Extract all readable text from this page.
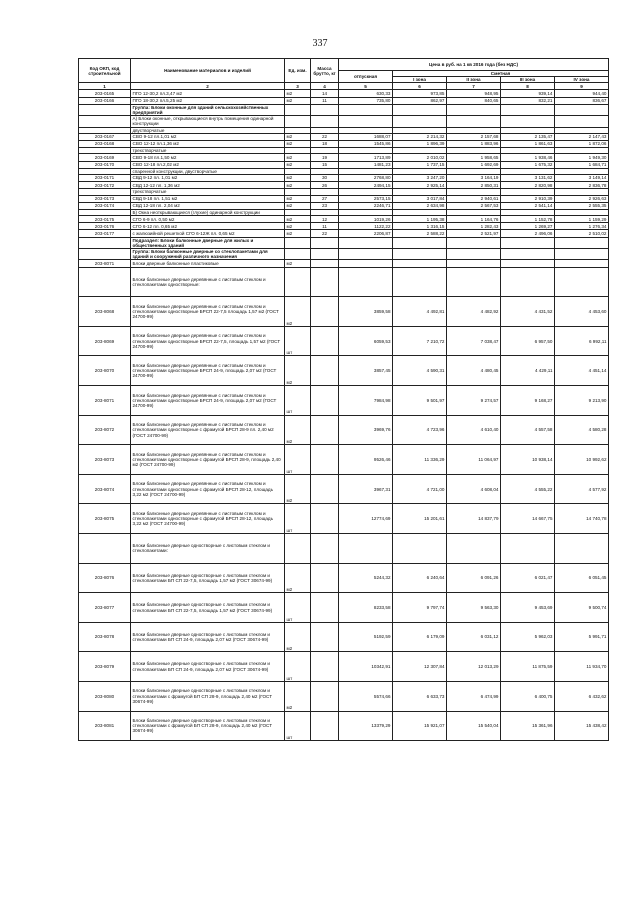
337
Код ОКП, код строительной	Наименование материалов и изделий	Ед. изм.	Масса брутто, кг	Цена в руб. на 1 кв 2016 года (без НДС)				
				отпускная	Сметная			
					I зона	II зона	III зона	IV зона
1	2	3	4	5	6	7	8	9
203-0165	ПГО 12-30,2 пл.3,47 м2	м2	14	630,33	973,85	948,95	939,14	944,40
203-0166	ПГО 18-30,2 пл.5,25 м2	м2	11	735,80	862,97	840,65	832,21	836,67
	Группа: Блоки оконные для зданий сельскохозяйственных предприятий							
	А) Блоки оконные, открывающиеся внутрь помещения одинарной конструкции							
	двустворчатые							
203-0167	СВО 9-12 пл.1,01 м2	м2	22	1688,07	2 214,32	2 157,68	2 135,47	2 147,43
203-0168	СВО 12-12 пл.1,36 м2	м2	18	1545,86	1 896,39	1 883,96	1 861,63	1 872,06
	трехстворчатые							
203-0169	СВО 9-18 пл.1,50 м2	м2	19	1713,89	2 010,02	1 958,65	1 938,46	1 949,30
203-0170	СВО 12-18 пл.2,02 м2	м2	15	1481,23	1 737,15	1 692,69	1 675,32	1 684,71
	спаренной конструкции, двустворчатые							
203-0171	СВД 9-12 пл. 1,01 м2	м2	30	2768,80	3 247,20	3 164,19	3 131,62	3 149,14
203-0172	СВД 12-12 пл. 1,36 м2	м2	26	2494,15	2 925,14	2 850,31	2 820,98	2 836,78
	трехстворчатые							
203-0173	СВД 9-18 пл. 1,51 м2	м2	27	2573,15	3 017,84	2 940,61	2 910,39	2 926,63
203-0174	СВД 12-18 пл. 2,04 м2	м2	23	2246,71	2 634,98	2 567,53	2 541,14	2 555,35
	Б) Окна неоткрывающиеся (глухие) одинарной конструкции							
203-0175	СГО 6-9 пл. 0,50 м2	м2	12	1019,26	1 195,38	1 164,76	1 152,78	1 159,29
203-0176	СГО 6-12 пл. 0,65 м2	м2	11	1122,22	1 316,15	1 282,43	1 269,27	1 276,34
203-0177	с жалюзийной решеткой СГО 6-12Ж пл. 0,65 м2	м2	22	2206,87	2 588,22	2 521,97	2 496,06	2 510,02
	Подраздел: Блоки балконные дверные для жилых и общественных зданий							
	Группа: Блоки балконные дверные со стеклопакетами для зданий и сооружений различного назначения							
203-8071	Блоки дверные балконные пластиковые	м2						
	Блоки балконные дверные деревянные с листовым стеклом и стеклопакетами одностворные:							
203-8068	Блоки балконные дверные деревянные с листовым стеклом и стеклопакетами одностворные БРСП 22-7,5 площадь 1,57 м2 (ГОСТ 24700-99)	м2		3859,58	4 492,81	4 482,92	4 431,52	4 453,60
203-8069	Блоки балконные дверные деревянные с листовым стеклом и стеклопакетами одностворные БРСП 22-7,5, площадь 1,57 м2 (ГОСТ 24700-99)	шт		6059,53	7 210,72	7 038,47	6 957,50	6 992,11
203-8070	Блоки балконные дверные деревянные с листовым стеклом и стеклопакетами одностворные БРСП 24-9, площадь 2,07 м2 (ГОСТ 24700-99)	м2		3857,45	4 590,31	4 480,45	4 429,11	4 451,14
203-8071	Блоки балконные дверные деревянные с листовым стеклом и стеклопакетами одностворные БРСП 24-9, площадь 2,07 м2 (ГОСТ 24700-99)	шт		7984,98	9 501,97	9 274,57	9 168,27	9 213,90
203-8072	Блоки балконные дверные деревянные с листовым стеклом и стеклопакетами одностворные с фрамугой БРСП 28-9 пл. 2,40 м2 (ГОСТ 24700-99)	м2		3969,76	4 723,96	4 610,40	4 557,58	4 580,28
203-8073	Блоки балконные дверные деревянные с листовым стеклом и стеклопакетами одностворные с фрамугой БРСП 28-9, площадь 2,40 м2 (ГОСТ 24700-99)	шт		9526,46	11 336,29	11 064,97	10 938,14	10 992,62
203-8074	Блоки балконные дверные деревянные с листовым стеклом и стеклопакетами одностворные с фрамугой БРСП 28-12, площадь 3,22 м2 (ГОСТ 24700-99)	м2		3967,31	4 721,00	4 608,04	4 555,22	4 577,92
203-8075	Блоки балконные дверные деревянные с листовым стеклом и стеклопакетами одностворные с фрамугой БРСП 28-12, площадь 3,22 м2 (ГОСТ 24700-99)	шт		12774,69	15 201,61	14 837,79	14 667,75	14 740,78
	Блоки балконные дверные одностворные с листовым стеклом и стеклопакетами:							
203-8076	Блоки балконные дверные одностворные с листовым стеклом и стеклопакетами БП СП 22-7,5, площадь 1,57 м2 (ГОСТ 30674-99)	м2		5244,32	6 240,64	6 091,26	6 021,47	6 051,45
203-8077	Блоки балконные дверные одностворные с листовым стеклом и стеклопакетами БП СП 22-7,5, площадь 1,57 м2 (ГОСТ 30674-99)	шт		8233,58	9 797,74	9 563,30	9 453,69	9 500,74
203-8078	Блоки балконные дверные одностворные с листовым стеклом и стеклопакетами БП СП 24-9, площадь 2,07 м2 (ГОСТ 30674-99)	м2		5192,59	6 179,09	6 031,12	5 962,03	5 991,71
203-8079	Блоки балконные дверные одностворные с листовым стеклом и стеклопакетами БП СП 24-9, площадь 2,07 м2 (ГОСТ 30674-99)	шт		10342,91	12 307,84	12 013,29	11 875,59	11 934,70
203-8080	Блоки балконные дверные одностворные с листовым стеклом и стеклопакетами с фрамугой БП СП 28-9, площадь 2,40 м2 (ГОСТ 30674-99)	м2		5574,66	6 633,73	6 474,99	6 400,75	6 432,62
203-8081	Блоки балконные дверные одностворные с листовым стеклом и стеклопакетами с фрамугой БП СП 28-9, площадь 2,40 м2 (ГОСТ 30674-99)	шт		13379,29	15 921,07	15 540,04	15 361,96	15 438,42
